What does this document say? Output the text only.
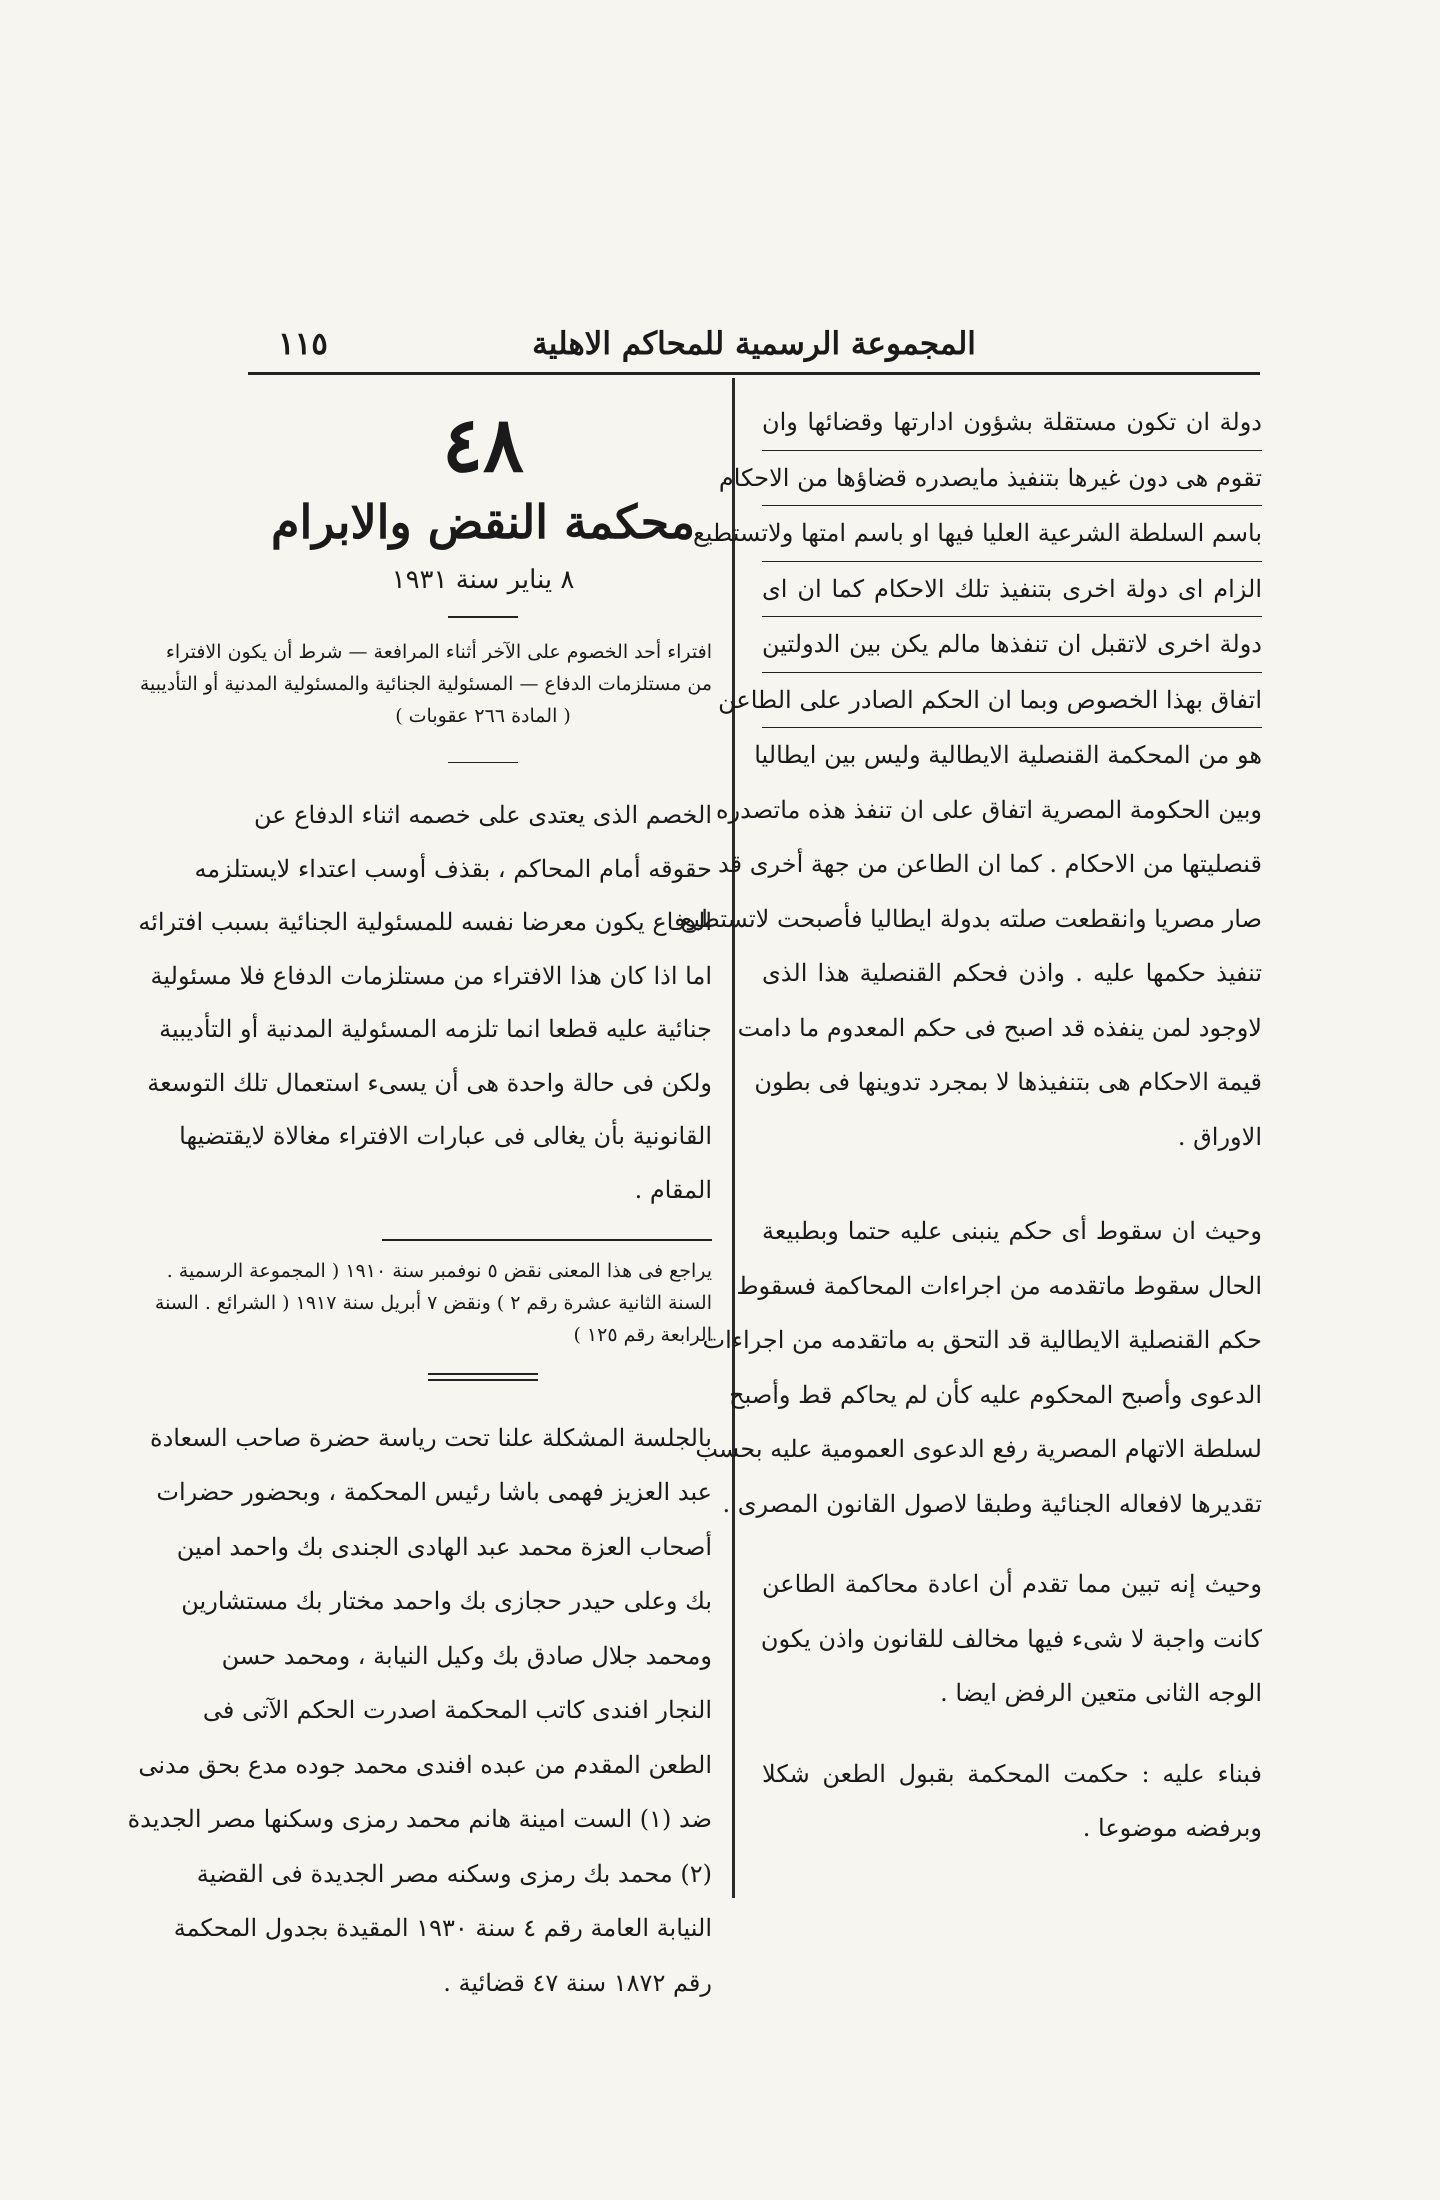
المجموعة الرسمية للمحاكم الاهلية
١١٥

دولة ان تكون مستقلة بشؤون ادارتها وقضائها وان
تقوم هى دون غيرها بتنفيذ مايصدره قضاؤها من الاحكام
باسم السلطة الشرعية العليا فيها او باسم امتها ولاتستطيع
الزام اى دولة اخرى بتنفيذ تلك الاحكام كما ان اى
دولة اخرى لاتقبل ان تنفذها مالم يكن بين الدولتين
اتفاق بهذا الخصوص وبما ان الحكم الصادر على الطاعن

هو من المحكمة القنصلية الايطالية وليس بين ايطاليا
وبين الحكومة المصرية اتفاق على ان تنفذ هذه ماتصدره
قنصليتها من الاحكام . كما ان الطاعن من جهة أخرى قد
صار مصريا وانقطعت صلته بدولة ايطاليا فأصبحت لاتستطيع
تنفيذ حكمها عليه . واذن فحكم القنصلية هذا الذى
لاوجود لمن ينفذه قد اصبح فى حكم المعدوم ما دامت
قيمة الاحكام هى بتنفيذها لا بمجرد تدوينها فى بطون
الاوراق .

وحيث ان سقوط أى حكم ينبنى عليه حتما وبطبيعة
الحال سقوط ماتقدمه من اجراءات المحاكمة فسقوط
حكم القنصلية الايطالية قد التحق به ماتقدمه من اجراءات
الدعوى وأصبح المحكوم عليه كأن لم يحاكم قط وأصبح
لسلطة الاتهام المصرية رفع الدعوى العمومية عليه بحسب
تقديرها لافعاله الجنائية وطبقا لاصول القانون المصرى .

وحيث إنه تبين مما تقدم أن اعادة محاكمة الطاعن
كانت واجبة لا شىء فيها مخالف للقانون واذن يكون
الوجه الثانى متعين الرفض ايضا .

فبناء عليه : حكمت المحكمة بقبول الطعن شكلا
وبرفضه موضوعا .

٤٨
محكمة النقض والابرام
٨ يناير سنة ١٩٣١

افتراء أحد الخصوم على الآخر أثناء المرافعة — شرط أن يكون الافتراء
من مستلزمات الدفاع — المسئولية الجنائية والمسئولية المدنية أو التأديبية
( المادة ٢٦٦ عقوبات )

الخصم الذى يعتدى على خصمه اثناء الدفاع عن
حقوقه أمام المحاكم ، بقذف أوسب اعتداء لايستلزمه
الدفاع يكون معرضا نفسه للمسئولية الجنائية بسبب افترائه
اما اذا كان هذا الافتراء من مستلزمات الدفاع فلا مسئولية
جنائية عليه قطعا انما تلزمه المسئولية المدنية أو التأديبية
ولكن فى حالة واحدة هى أن يسىء استعمال تلك التوسعة
القانونية بأن يغالى فى عبارات الافتراء مغالاة لايقتضيها
المقام .

يراجع فى هذا المعنى نقض ٥ نوفمبر سنة ١٩١٠ ( المجموعة الرسمية .
السنة الثانية عشرة رقم ٢ ) ونقض ٧ أبريل سنة ١٩١٧ ( الشرائع . السنة
الرابعة رقم ١٢٥ )

بالجلسة المشكلة علنا تحت رياسة حضرة صاحب السعادة
عبد العزيز فهمى باشا رئيس المحكمة ، وبحضور حضرات
أصحاب العزة محمد عبد الهادى الجندى بك واحمد امين
بك وعلى حيدر حجازى بك واحمد مختار بك مستشارين
ومحمد جلال صادق بك وكيل النيابة ، ومحمد حسن
النجار افندى كاتب المحكمة اصدرت الحكم الآتى فى
الطعن المقدم من عبده افندى محمد جوده مدع بحق مدنى
ضد (١) الست امينة هانم محمد رمزى وسكنها مصر الجديدة
(٢) محمد بك رمزى وسكنه مصر الجديدة فى القضية
النيابة العامة رقم ٤ سنة ١٩٣٠ المقيدة بجدول المحكمة
رقم ١٨٧٢ سنة ٤٧ قضائية .
